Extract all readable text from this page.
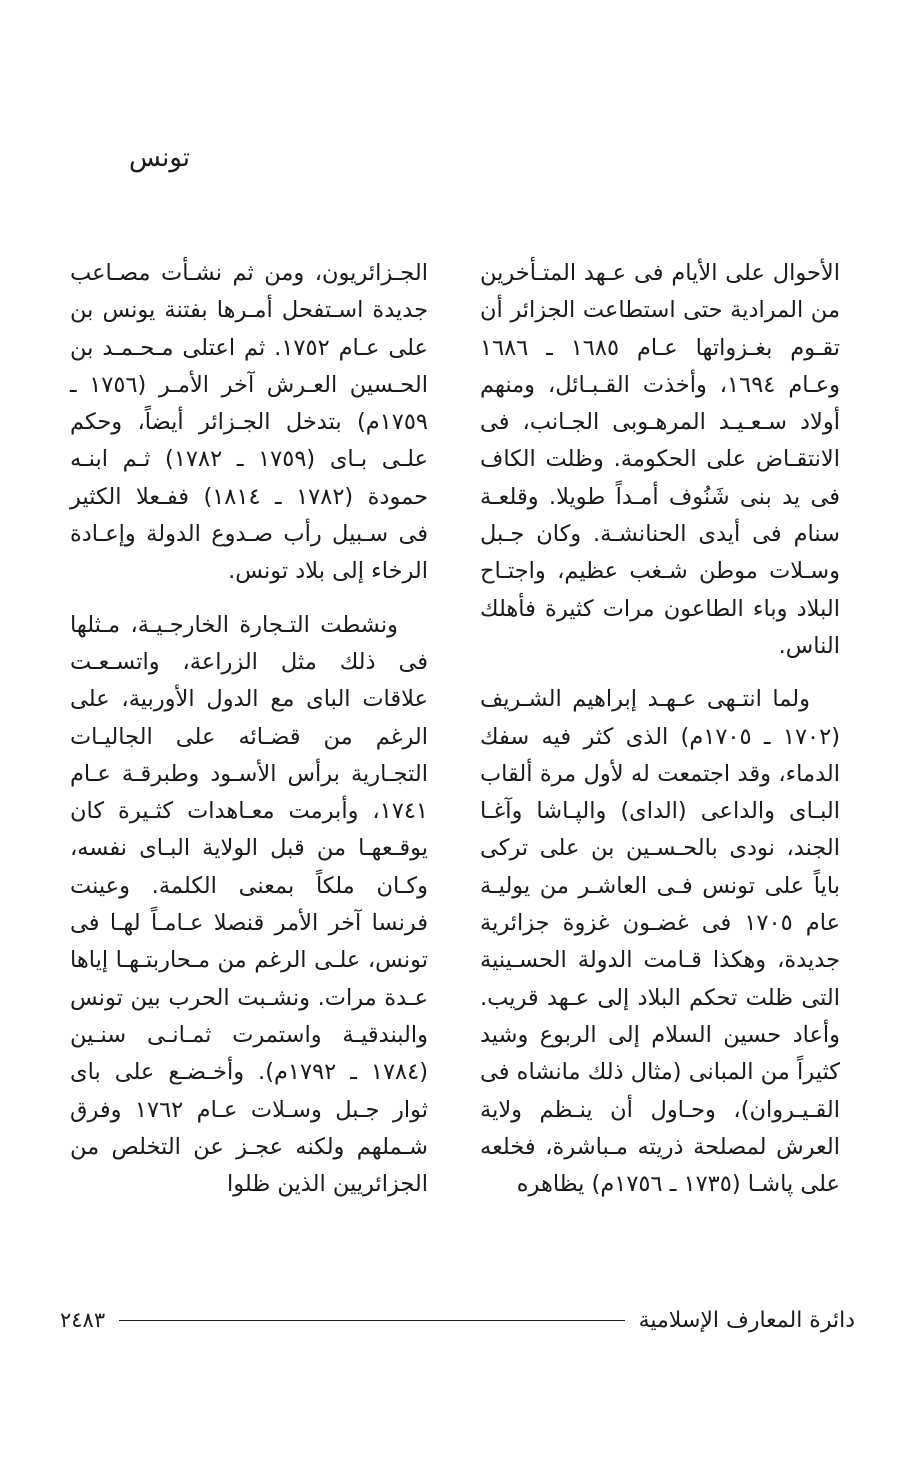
تونس

الأحوال على الأيام فى عـهد المتـأخرين من المرادية حتى استطاعت الجزائر أن تقـوم بغـزواتها عـام ١٦٨٥ ـ ١٦٨٦ وعـام ١٦٩٤، وأخذت القـبـائل، ومنهم أولاد سـعـيـد المرهـوبى الجـانب، فى الانتقـاض على الحكومة. وظلت الكاف فى يد بنى شَنُوف أمـداً طويلا. وقلعـة سنام فى أيدى الحنانشـة. وكان جـبل وسـلات موطن شـغب عظيم، واجتـاح البلاد وباء الطاعون مرات كثيرة فأهلك الناس.

ولما انتـهى عـهـد إبراهيم الشـريف (١٧٠٢ ـ ١٧٠٥م) الذى كثر فيه سفك الدماء، وقد اجتمعت له لأول مرة ألقاب البـاى والداعى (الداى) والپـاشا وآغـا الجند، نودى بالحـسـين بن على تركى باياً على تونس فـى العاشـر من يوليـة عام ١٧٠٥ فى غضـون غزوة جزائرية جديدة، وهكذا قـامت الدولة الحسـينية التى ظلت تحكم البلاد إلى عـهد قريب. وأعاد حسين السلام إلى الربوع وشيد كثيراً من المبانى (مثال ذلك مانشاه فى القـيـروان)، وحـاول أن ينـظم ولاية العرش لمصلحة ذريته مـباشرة، فخلعه على پاشـا (١٧٣٥ ـ ١٧٥٦م) يظاهره

الجـزائريون، ومن ثم نشـأت مصـاعب جديدة اسـتفحل أمـرها بفتنة يونس بن على عـام ١٧٥٢. ثم اعتلى مـحـمـد بن الحـسين العـرش آخر الأمـر (١٧٥٦ ـ ١٧٥٩م) بتدخل الجـزائر أيضاً، وحكم علـى بـاى (١٧٥٩ ـ ١٧٨٢) ثـم ابنـه حمودة (١٧٨٢ ـ ١٨١٤) ففـعلا الكثير فى سـبيل رأب صـدوع الدولة وإعـادة الرخاء إلى بلاد تونس.

ونشطت التـجارة الخارجـيـة، مـثلها فى ذلك مثل الزراعة، واتسـعـت علاقات الباى مع الدول الأوربية، على الرغم من قضـائه على الجاليـات التجـارية برأس الأسـود وطبرقـة عـام ١٧٤١، وأبرمت معـاهدات كثـيرة كان يوقـعهـا من قبل الولاية البـاى نفسه، وكـان ملكاً بمعنى الكلمة. وعينت فرنسا آخر الأمر قنصلا عـامـاً لهـا فى تونس، علـى الرغم من مـحاربتـهـا إياها عـدة مرات. ونشـبت الحرب بين تونس والبندقيـة واستمرت ثمـانـى سنـين (١٧٨٤ ـ ١٧٩٢م). وأخـضـع على باى ثوار جـبل وسـلات عـام ١٧٦٢ وفرق شـملهم ولكنه عجـز عن التخلص من الجزائريين الذين ظلوا

٢٤٨٣	دائرة المعارف الإسلامية
